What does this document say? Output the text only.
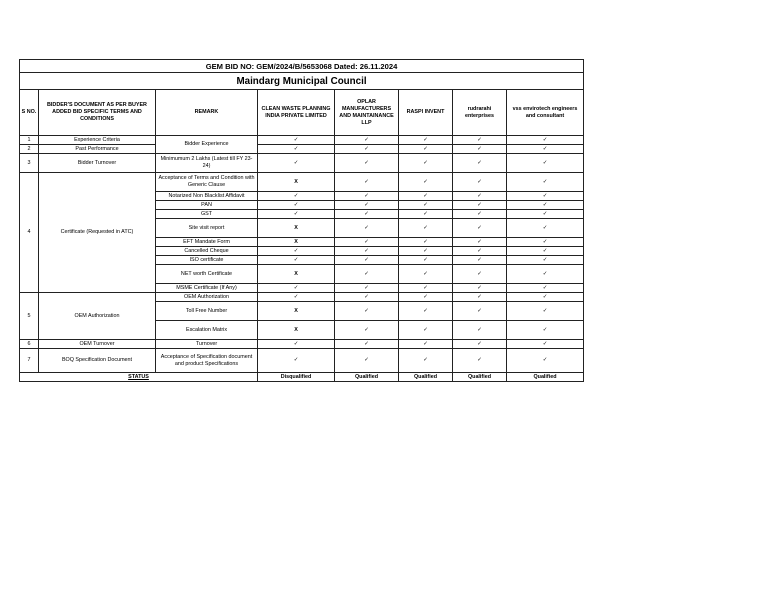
GEM BID NO: GEM/2024/B/5653068 Dated: 26.11.2024							
Maindarg Municipal Council							
S NO.	BIDDER'S DOCUMENT AS PER BUYER ADDED BID SPECIFIC TERMS AND CONDITIONS	REMARK	CLEAN WASTE PLANNING INDIA PRIVATE LIMITED	OPLAR MANUFACTURERS AND MAINTAINANCE LLP	RASPI INVENT	rudrarahi enterprises	vss envirotech engineers and consultant
1	Experience Criteria	Bidder Experience	✓	✓	✓	✓	✓
2	Past Performance		✓	✓	✓	✓	✓
3	Bidder Turnover	Minimumum 2 Lakhs (Latest till FY 23-24)	✓	✓	✓	✓	✓
4	Certificate (Requested in ATC)	Acceptance of Terms and Condition with Generic Clause	X	✓	✓	✓	✓
		Notarized Non Blacklist Affidavit	✓	✓	✓	✓	✓
		PAN	✓	✓	✓	✓	✓
		GST	✓	✓	✓	✓	✓
		Site visit report	X	✓	✓	✓	✓
		EFT Mandate Form	X	✓	✓	✓	✓
		Cancelled Cheque	✓	✓	✓	✓	✓
		ISO certificate	✓	✓	✓	✓	✓
		NET worth Certificate	X	✓	✓	✓	✓
		MSME Certificate (If Any)	✓	✓	✓	✓	✓
5	OEM Authorization	OEM Authorization	✓	✓	✓	✓	✓
		Toll Free Number	X	✓	✓	✓	✓
		Escalation Matrix	X	✓	✓	✓	✓
6	OEM Turnover	Turnover	✓	✓	✓	✓	✓
7	BOQ Specification Document	Acceptance of Specification document and product Specifications	✓	✓	✓	✓	✓
STATUS			Disqualified	Qualified	Qualified	Qualified	Qualified
